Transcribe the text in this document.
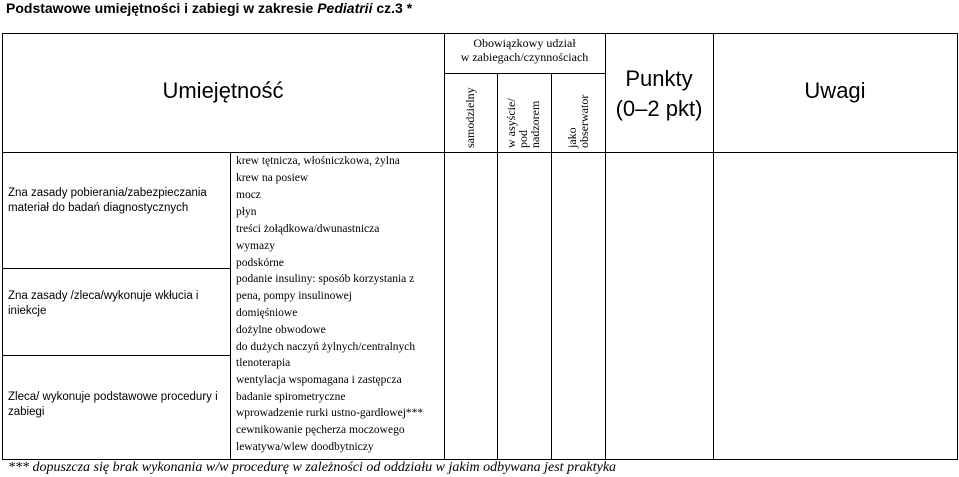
Podstawowe umiejętności i zabiegi w zakresie Pediatrii cz.3 *
Umiejętność
Obowiązkowy udział
w zabiegach/czynnościach
samodzielny w asyście/
pod
nadzorem jako
obserwator
Punkty
(0–2 pkt)
Uwagi
Zna zasady pobierania/zabezpieczania materiał do badań diagnostycznych
Zna zasady /zleca/wykonuje wkłucia i iniekcje
Zleca/ wykonuje podstawowe procedury i zabiegi
krew tętnicza, włośniczkowa, żylna
krew na posiew
mocz
płyn
treści żołądkowa/dwunastnicza
wymazy
podskórne
podanie insuliny: sposób korzystania z
pena, pompy insulinowej
domięśniowe
dożylne obwodowe
do dużych naczyń żylnych/centralnych
tlenoterapia
wentylacja wspomagana i zastępcza
badanie spirometryczne
wprowadzenie rurki ustno-gardłowej***
cewnikowanie pęcherza moczowego
lewatywa/wlew doodbytniczy
*** dopuszcza się brak wykonania w/w procedurę w zależności od oddziału w jakim odbywana jest praktyka
